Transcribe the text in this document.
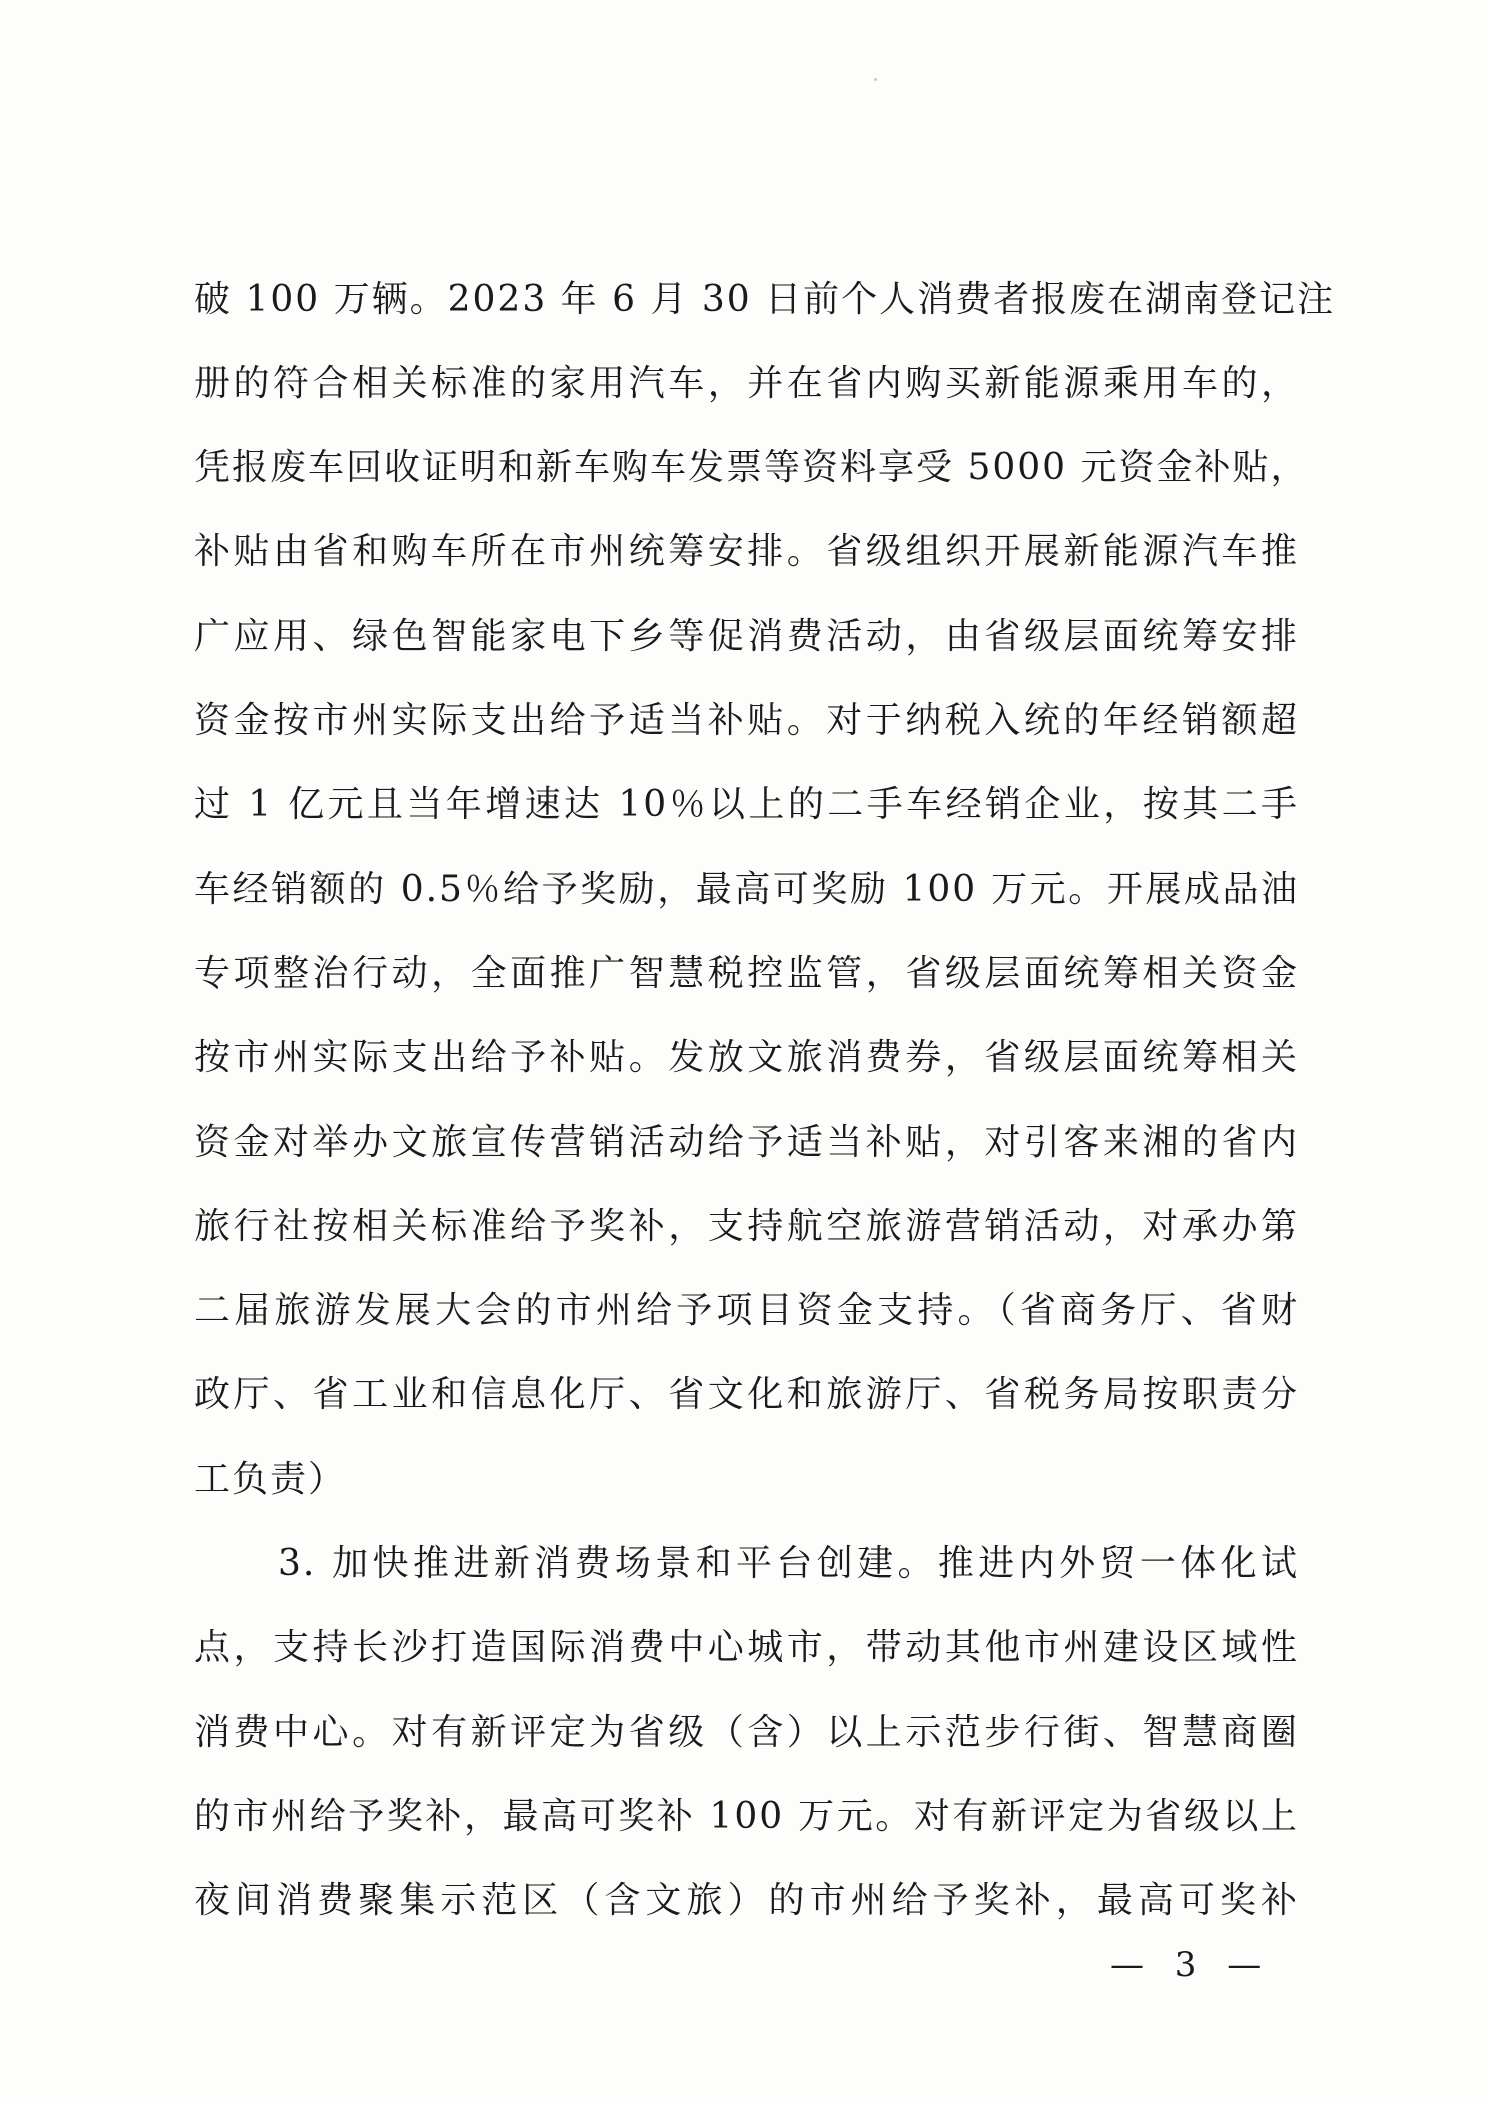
破 100 万辆。2023 年 6 月 30 日前个人消费者报废在湖南登记注
册的符合相关标准的家用汽车，并在省内购买新能源乘用车的，
凭报废车回收证明和新车购车发票等资料享受 5000 元资金补贴，
补贴由省和购车所在市州统筹安排。省级组织开展新能源汽车推
广应用、绿色智能家电下乡等促消费活动，由省级层面统筹安排
资金按市州实际支出给予适当补贴。对于纳税入统的年经销额超
过 1 亿元且当年增速达 10％以上的二手车经销企业，按其二手
车经销额的 0.5％给予奖励，最高可奖励 100 万元。开展成品油
专项整治行动，全面推广智慧税控监管，省级层面统筹相关资金
按市州实际支出给予补贴。发放文旅消费券，省级层面统筹相关
资金对举办文旅宣传营销活动给予适当补贴，对引客来湘的省内
旅行社按相关标准给予奖补，支持航空旅游营销活动，对承办第
二届旅游发展大会的市州给予项目资金支持。（省商务厅、省财
政厅、省工业和信息化厅、省文化和旅游厅、省税务局按职责分
工负责）
3. 加快推进新消费场景和平台创建。推进内外贸一体化试
点，支持长沙打造国际消费中心城市，带动其他市州建设区域性
消费中心。对有新评定为省级（含）以上示范步行街、智慧商圈
的市州给予奖补，最高可奖补 100 万元。对有新评定为省级以上
夜间消费聚集示范区（含文旅）的市州给予奖补，最高可奖补
— 3 —
